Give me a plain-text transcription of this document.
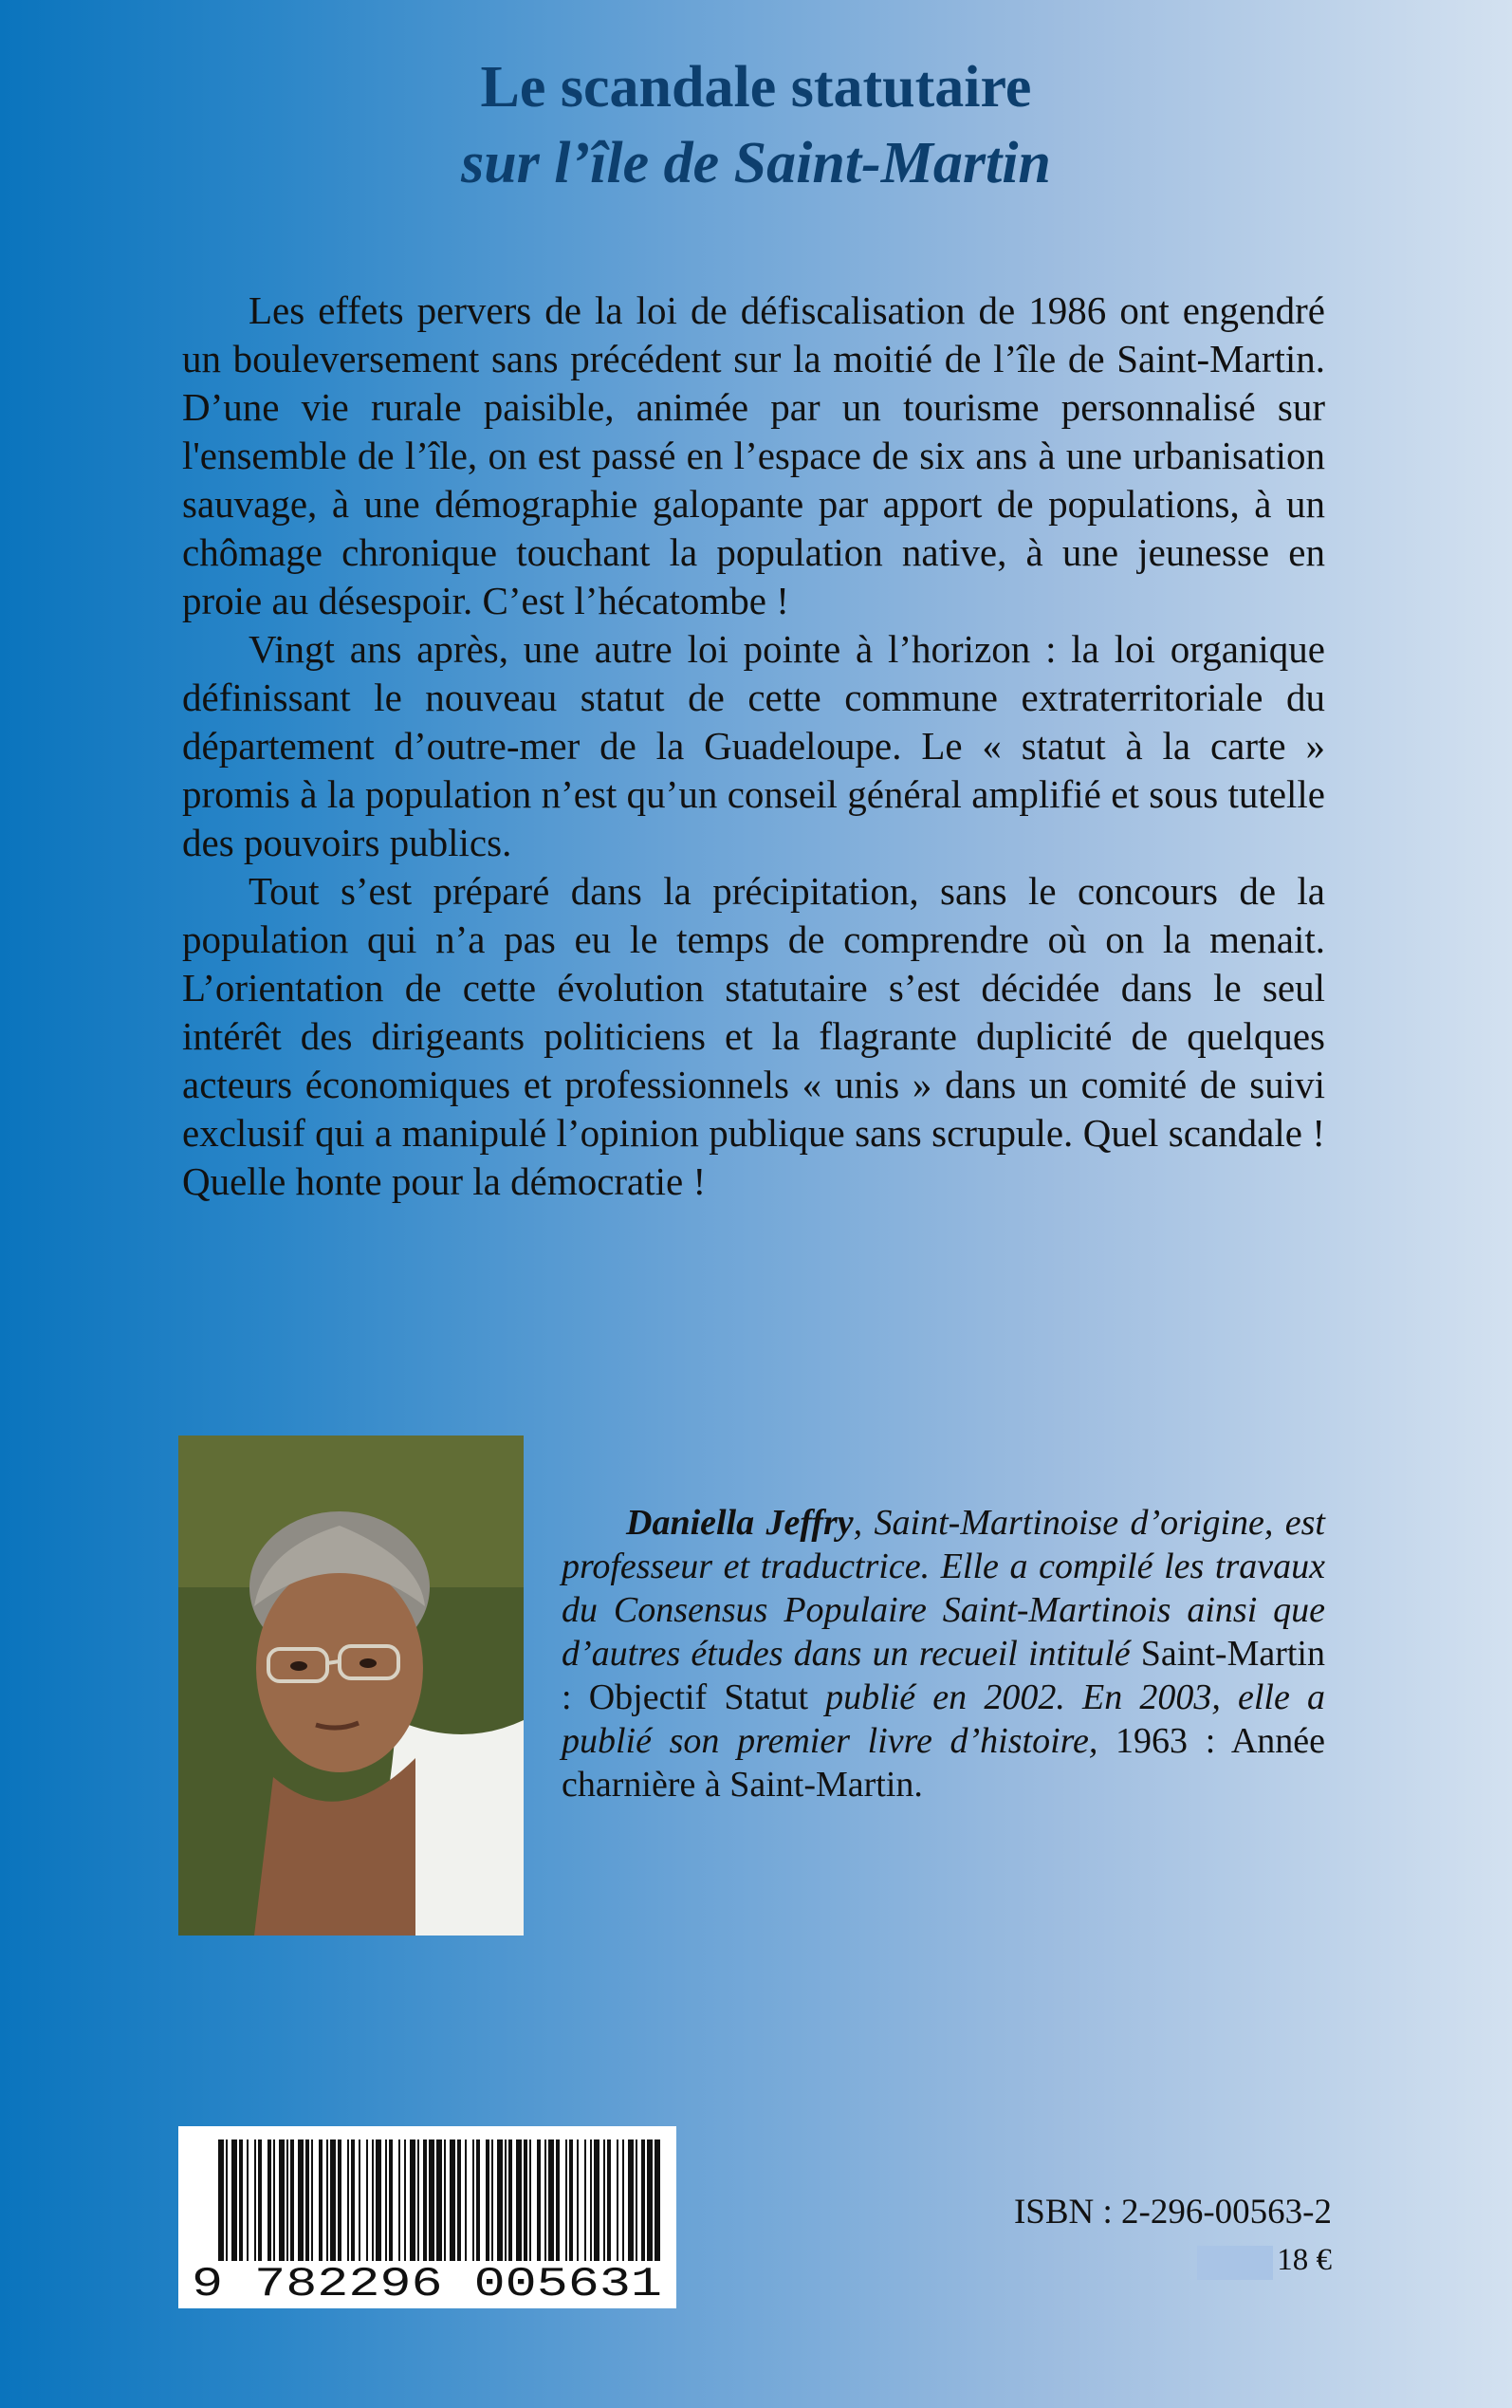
Le scandale statutaire
sur l’île de Saint-Martin

Les effets pervers de la loi de défiscalisation de 1986 ont engendré un bouleversement sans précédent sur la moitié de l’île de Saint-Martin. D’une vie rurale paisible, animée par un tourisme personnalisé sur l'ensemble de l’île, on est passé en l’espace de six ans à une urbanisation sauvage, à une démographie galopante par apport de populations, à un chômage chronique touchant la population native, à une jeunesse en proie au désespoir. C’est l’hécatombe !

Vingt ans après, une autre loi pointe à l’horizon : la loi organique définissant le nouveau statut de cette commune extraterritoriale du département d’outre-mer de la Guadeloupe. Le « statut à la carte » promis à la population n’est qu’un conseil général amplifié et sous tutelle des pouvoirs publics.

Tout s’est préparé dans la précipitation, sans le concours de la population qui n’a pas eu le temps de comprendre où on la menait. L’orientation de cette évolution statutaire s’est décidée dans le seul intérêt des dirigeants politiciens et la flagrante duplicité de quelques acteurs économiques et professionnels « unis » dans un comité de suivi exclusif qui a manipulé l’opinion publique sans scrupule. Quel scandale ! Quelle honte pour la démocratie !

Daniella Jeffry, Saint-Martinoise d’origine, est professeur et traductrice. Elle a compilé les travaux du Consensus Populaire Saint-Martinois ainsi que d’autres études dans un recueil intitulé Saint-Martin : Objectif Statut publié en 2002. En 2003, elle a publié son premier livre d’histoire, 1963 : Année charnière à Saint-Martin.

9 782296 005631
ISBN : 2-296-00563-2
18 €
